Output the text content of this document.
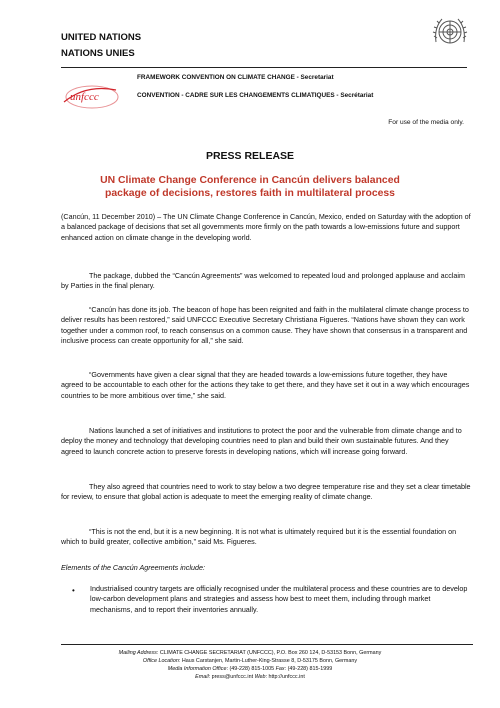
UNITED NATIONS
NATIONS UNIES
unfccc
FRAMEWORK CONVENTION ON CLIMATE CHANGE - Secretariat
CONVENTION - CADRE SUR LES CHANGEMENTS CLIMATIQUES - Secrétariat
For use of the media only.
PRESS RELEASE
UN Climate Change Conference in Cancún delivers balanced package of decisions, restores faith in multilateral process
(Cancún, 11 December 2010) – The UN Climate Change Conference in Cancún, Mexico, ended on Saturday with the adoption of a balanced package of decisions that set all governments more firmly on the path towards a low-emissions future and support enhanced action on climate change in the developing world.
The package, dubbed the “Cancún Agreements” was welcomed to repeated loud and prolonged applause and acclaim by Parties in the final plenary.
“Cancún has done its job. The beacon of hope has been reignited and faith in the multilateral climate change process to deliver results has been restored,” said UNFCCC Executive Secretary Christiana Figueres. “Nations have shown they can work together under a common roof, to reach consensus on a common cause. They have shown that consensus in a transparent and inclusive process can create opportunity for all,” she said.
“Governments have given a clear signal that they are headed towards a low-emissions future together, they have agreed to be accountable to each other for the actions they take to get there, and they have set it out in a way which encourages countries to be more ambitious over time,” she said.
Nations launched a set of initiatives and institutions to protect the poor and the vulnerable from climate change and to deploy the money and technology that developing countries need to plan and build their own sustainable futures. And they agreed to launch concrete action to preserve forests in developing nations, which will increase going forward.
They also agreed that countries need to work to stay below a two degree temperature rise and they set a clear timetable for review, to ensure that global action is adequate to meet the emerging reality of climate change.
“This is not the end, but it is a new beginning. It is not what is ultimately required but it is the essential foundation on which to build greater, collective ambition,” said Ms. Figueres.
Elements of the Cancún Agreements include:
• Industrialised country targets are officially recognised under the multilateral process and these countries are to develop low-carbon development plans and strategies and assess how best to meet them, including through market mechanisms, and to report their inventories annually.
Mailing Address: CLIMATE CHANGE SECRETARIAT (UNFCCC), P.O. Box 260 124, D-53153 Bonn, Germany
Office Location: Haus Carstanjen, Martin-Luther-King-Strasse 8, D-53175 Bonn, Germany
Media Information Office: (49-228) 815-1005 Fax: (49-228) 815-1999
Email: press@unfccc.int Web: http://unfccc.int
